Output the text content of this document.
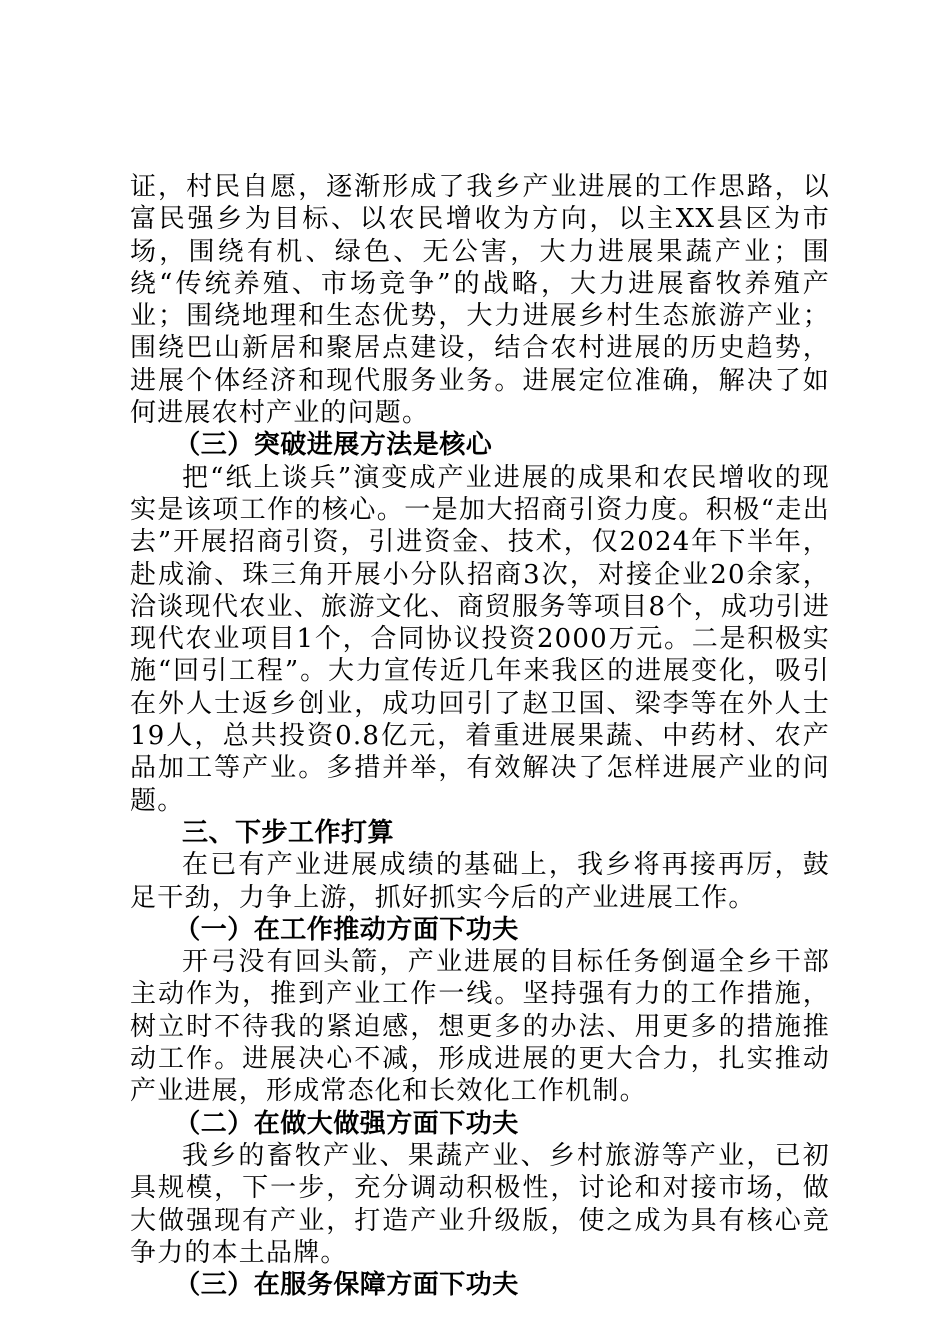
证，村民自愿，逐渐形成了我乡产业进展的工作思路，以富民强乡为目标、以农民增收为方向，以主XX县区为市场，围绕有机、绿色、无公害，大力进展果蔬产业；围绕“传统养殖、市场竞争”的战略，大力进展畜牧养殖产业；围绕地理和生态优势，大力进展乡村生态旅游产业；围绕巴山新居和聚居点建设，结合农村进展的历史趋势，进展个体经济和现代服务业务。进展定位准确，解决了如何进展农村产业的问题。

（三）突破进展方法是核心

把“纸上谈兵”演变成产业进展的成果和农民增收的现实是该项工作的核心。一是加大招商引资力度。积极“走出去”开展招商引资，引进资金、技术，仅2024年下半年，赴成渝、珠三角开展小分队招商3次，对接企业20余家，洽谈现代农业、旅游文化、商贸服务等项目8个，成功引进现代农业项目1个，合同协议投资2000万元。二是积极实施“回引工程”。大力宣传近几年来我区的进展变化，吸引在外人士返乡创业，成功回引了赵卫国、梁李等在外人士19人，总共投资0.8亿元，着重进展果蔬、中药材、农产品加工等产业。多措并举，有效解决了怎样进展产业的问题。

三、下步工作打算

在已有产业进展成绩的基础上，我乡将再接再厉，鼓足干劲，力争上游，抓好抓实今后的产业进展工作。

（一）在工作推动方面下功夫

开弓没有回头箭，产业进展的目标任务倒逼全乡干部主动作为，推到产业工作一线。坚持强有力的工作措施，树立时不待我的紧迫感，想更多的办法、用更多的措施推动工作。进展决心不减，形成进展的更大合力，扎实推动产业进展，形成常态化和长效化工作机制。

（二）在做大做强方面下功夫

我乡的畜牧产业、果蔬产业、乡村旅游等产业，已初具规模，下一步，充分调动积极性，讨论和对接市场，做大做强现有产业，打造产业升级版，使之成为具有核心竞争力的本土品牌。

（三）在服务保障方面下功夫
